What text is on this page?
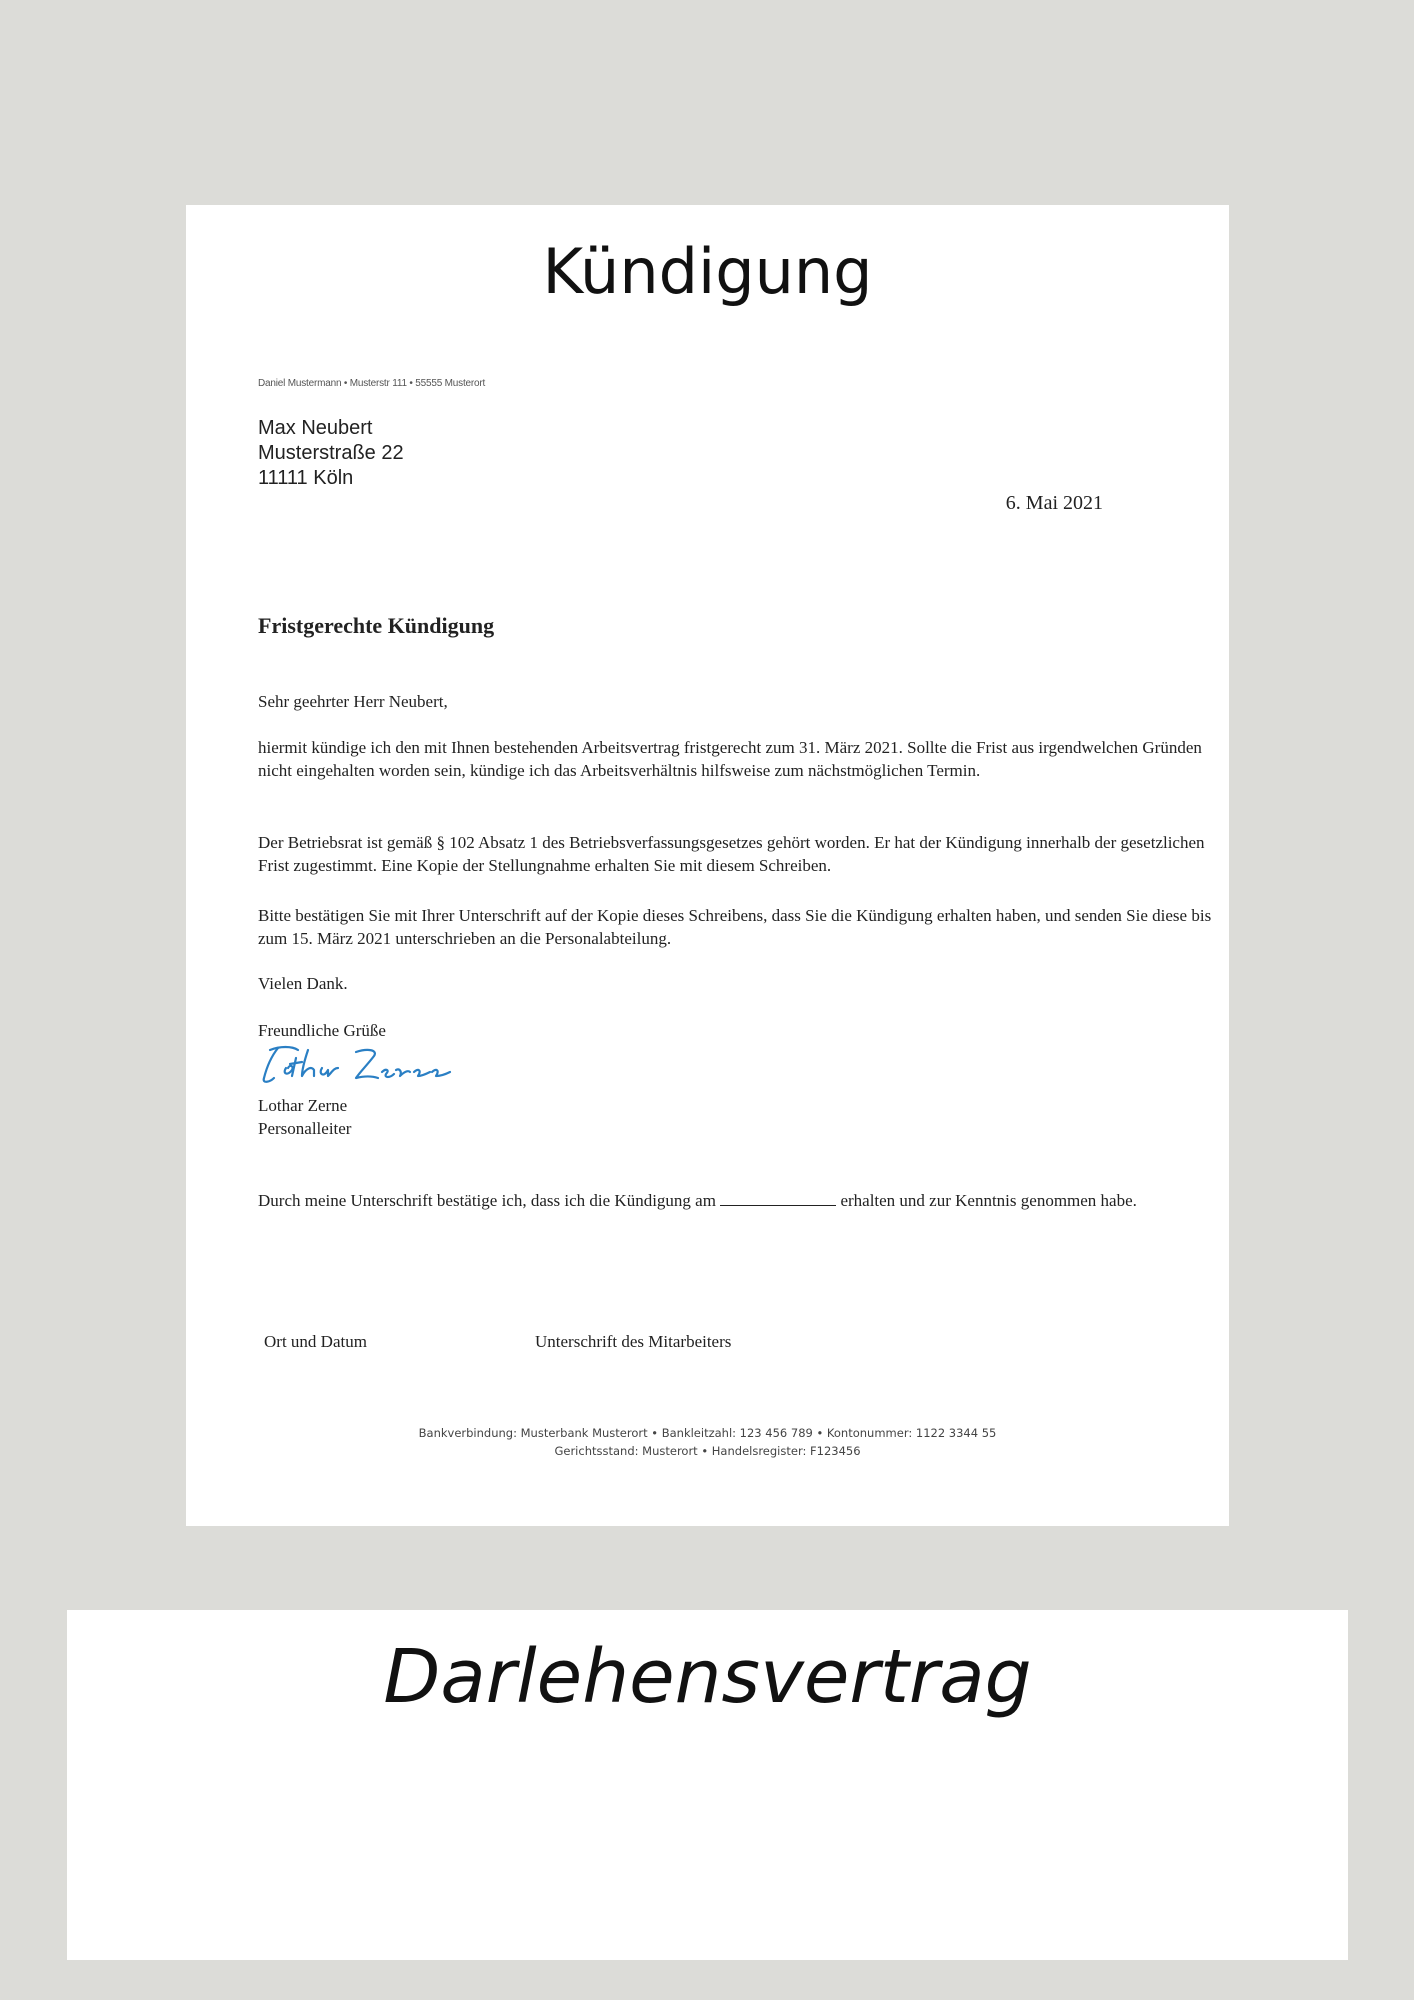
Kündigung
Daniel Mustermann • Musterstr 111 • 55555 Musterort
Max Neubert
Musterstraße 22
11111 Köln
6. Mai 2021
Fristgerechte Kündigung
Sehr geehrter Herr Neubert,
hiermit kündige ich den mit Ihnen bestehenden Arbeitsvertrag fristgerecht zum 31. März 2021. Sollte die Frist aus irgendwelchen Gründen nicht eingehalten worden sein, kündige ich das Arbeitsverhältnis hilfsweise zum nächstmöglichen Termin.
Der Betriebsrat ist gemäß § 102 Absatz 1 des Betriebsverfassungsgesetzes gehört worden. Er hat der Kündigung innerhalb der gesetzlichen Frist zugestimmt. Eine Kopie der Stellungnahme erhalten Sie mit diesem Schreiben.
Bitte bestätigen Sie mit Ihrer Unterschrift auf der Kopie dieses Schreibens, dass Sie die Kündigung erhalten haben, und senden Sie diese bis zum 15. März 2021 unterschrieben an die Personalabteilung.
Vielen Dank.
Freundliche Grüße
Lothar Zerne
Personalleiter
Durch meine Unterschrift bestätige ich, dass ich die Kündigung am	erhalten und zur Kenntnis genommen habe.
Ort und Datum	Unterschrift des Mitarbeiters
Bankverbindung: Musterbank Musterort • Bankleitzahl: 123 456 789 • Kontonummer: 1122 3344 55
Gerichtsstand: Musterort • Handelsregister: F123456
Darlehensvertrag
